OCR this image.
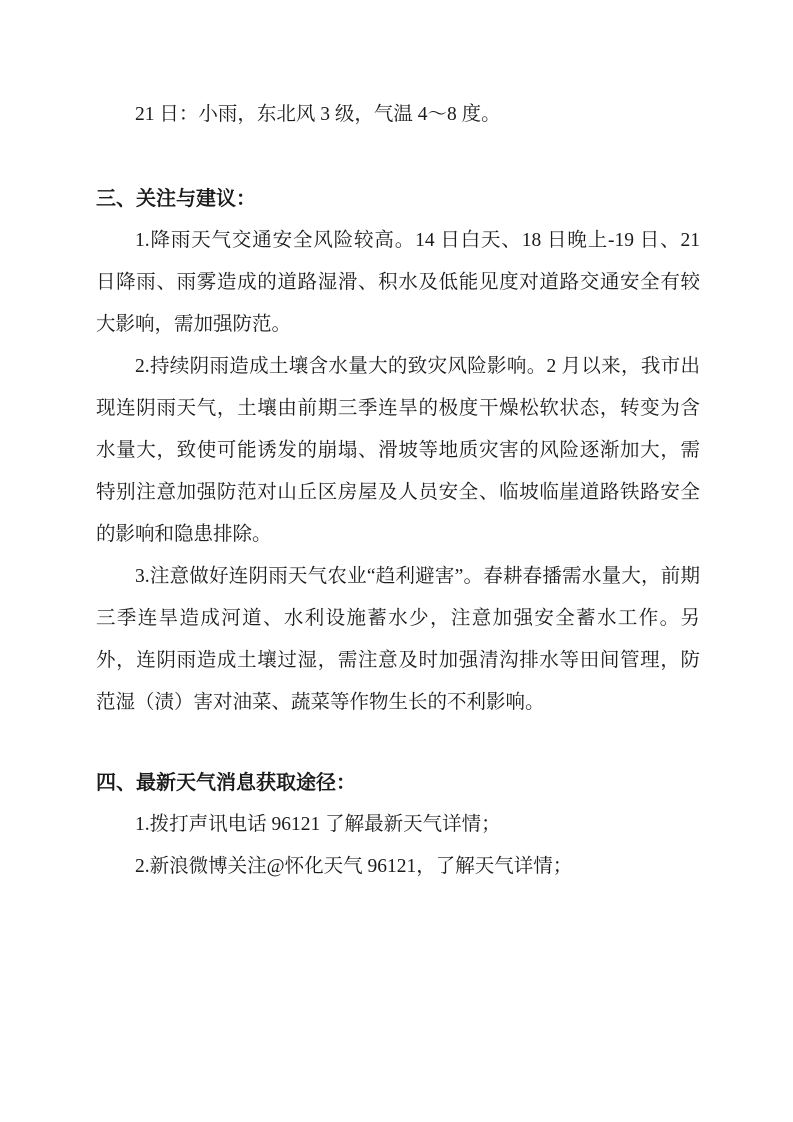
21 日：小雨，东北风 3 级，气温 4～8 度。

三、关注与建议：

1.降雨天气交通安全风险较高。14 日白天、18 日晚上-19 日、21 日降雨、雨雾造成的道路湿滑、积水及低能见度对道路交通安全有较大影响，需加强防范。

2.持续阴雨造成土壤含水量大的致灾风险影响。2 月以来，我市出现连阴雨天气，土壤由前期三季连旱的极度干燥松软状态，转变为含水量大，致使可能诱发的崩塌、滑坡等地质灾害的风险逐渐加大，需特别注意加强防范对山丘区房屋及人员安全、临坡临崖道路铁路安全的影响和隐患排除。

3.注意做好连阴雨天气农业“趋利避害”。春耕春播需水量大，前期三季连旱造成河道、水利设施蓄水少，注意加强安全蓄水工作。另外，连阴雨造成土壤过湿，需注意及时加强清沟排水等田间管理，防范湿（渍）害对油菜、蔬菜等作物生长的不利影响。

四、最新天气消息获取途径：

1.拨打声讯电话 96121 了解最新天气详情；

2.新浪微博关注@怀化天气 96121，了解天气详情；
